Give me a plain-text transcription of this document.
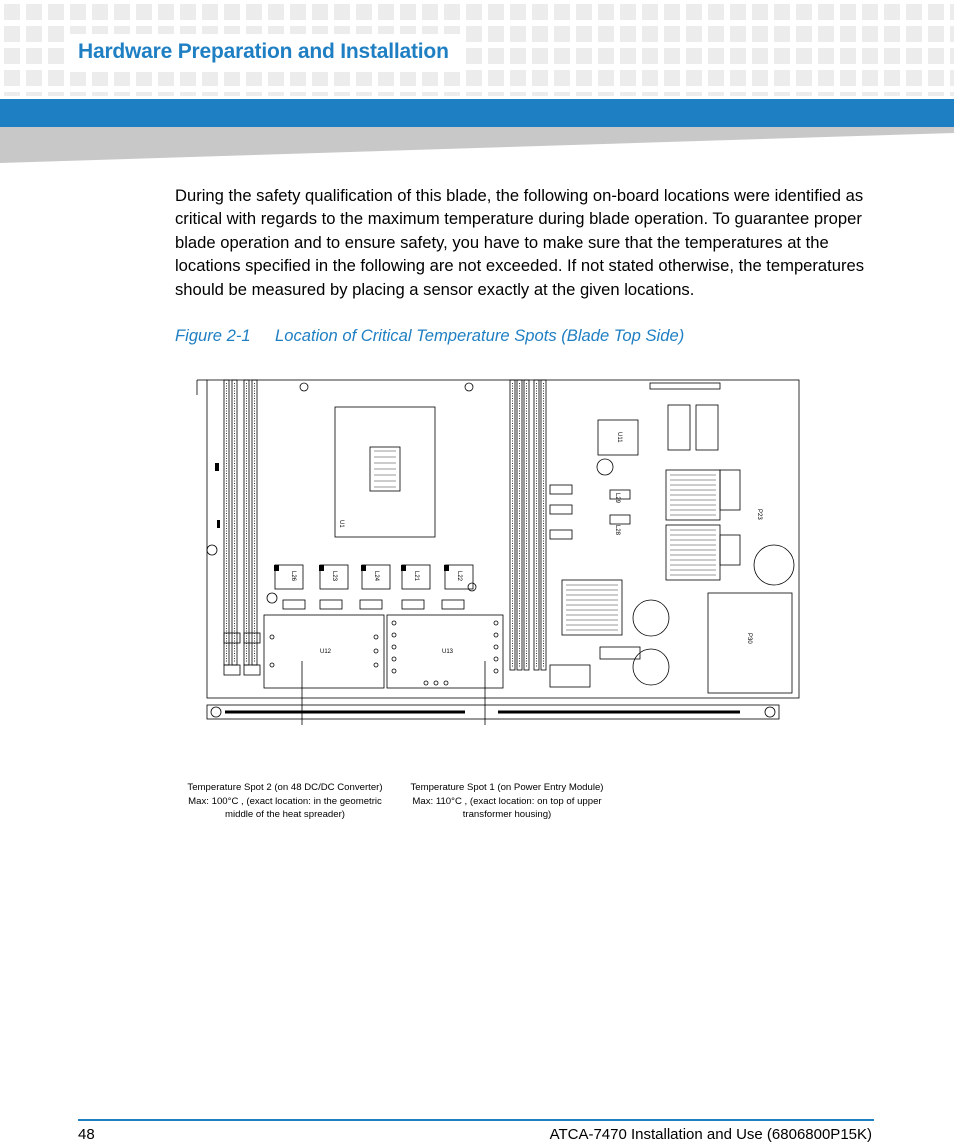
Hardware Preparation and Installation
During the safety qualification of this blade, the following on-board locations were identified as critical with regards to the maximum temperature during blade operation. To guarantee proper blade operation and to ensure safety, you have to make sure that the temperatures at the locations specified in the following are not exceeded. If not stated otherwise, the temperatures should be measured by placing a sensor exactly at the given locations.
Figure 2-1 Location of Critical Temperature Spots (Blade Top Side)
U1
L26	L23	L24	L21	L22
U12	U13
U11
L29
L28
P23
P30
Temperature Spot 2 (on 48 DC/DC Converter)
Max: 100°C , (exact location: in the geometric
middle of the heat spreader)
Temperature Spot 1 (on Power Entry Module)
Max: 110°C , (exact location: on top of upper
transformer housing)
48	ATCA-7470 Installation and Use (6806800P15K)
